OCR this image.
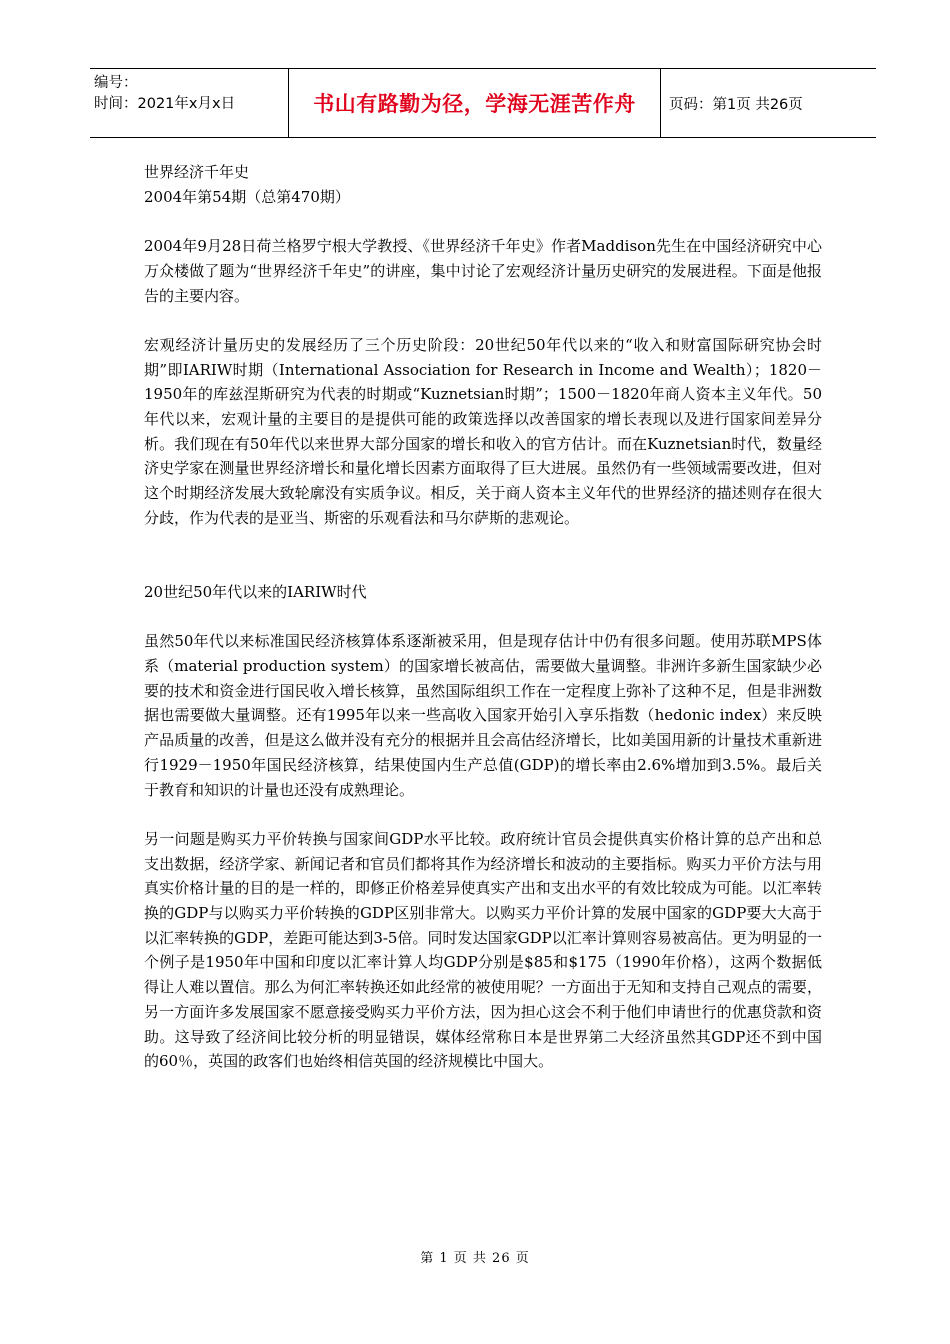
编号：
时间：2021年x月x日	书山有路勤为径，学海无涯苦作舟 页码：第1页 共26页

世界经济千年史

2004年第54期（总第470期）

2004年9月28日荷兰格罗宁根大学教授、《世界经济千年史》作者Maddison先生在中国经济研究中心万众楼做了题为“世界经济千年史”的讲座，集中讨论了宏观经济计量历史研究的发展进程。下面是他报告的主要内容。

宏观经济计量历史的发展经历了三个历史阶段：20世纪50年代以来的“收入和财富国际研究协会时期”即IARIW时期（International Association for Research in Income and Wealth）；1820－1950年的库兹涅斯研究为代表的时期或“Kuznetsian时期”；1500－1820年商人资本主义年代。50年代以来，宏观计量的主要目的是提供可能的政策选择以改善国家的增长表现以及进行国家间差异分析。我们现在有50年代以来世界大部分国家的增长和收入的官方估计。而在Kuznetsian时代，数量经济史学家在测量世界经济增长和量化增长因素方面取得了巨大进展。虽然仍有一些领域需要改进，但对这个时期经济发展大致轮廓没有实质争议。相反，关于商人资本主义年代的世界经济的描述则存在很大分歧，作为代表的是亚当、斯密的乐观看法和马尔萨斯的悲观论。

20世纪50年代以来的IARIW时代

虽然50年代以来标准国民经济核算体系逐渐被采用，但是现存估计中仍有很多问题。使用苏联MPS体系（material production system）的国家增长被高估，需要做大量调整。非洲许多新生国家缺少必要的技术和资金进行国民收入增长核算，虽然国际组织工作在一定程度上弥补了这种不足，但是非洲数据也需要做大量调整。还有1995年以来一些高收入国家开始引入享乐指数（hedonic index）来反映产品质量的改善，但是这么做并没有充分的根据并且会高估经济增长，比如美国用新的计量技术重新进行1929－1950年国民经济核算，结果使国内生产总值(GDP)的增长率由2.6%增加到3.5%。最后关于教育和知识的计量也还没有成熟理论。

另一问题是购买力平价转换与国家间GDP水平比较。政府统计官员会提供真实价格计算的总产出和总支出数据，经济学家、新闻记者和官员们都将其作为经济增长和波动的主要指标。购买力平价方法与用真实价格计量的目的是一样的，即修正价格差异使真实产出和支出水平的有效比较成为可能。以汇率转换的GDP与以购买力平价转换的GDP区别非常大。以购买力平价计算的发展中国家的GDP要大大高于以汇率转换的GDP，差距可能达到3-5倍。同时发达国家GDP以汇率计算则容易被高估。更为明显的一个例子是1950年中国和印度以汇率计算人均GDP分别是$85和$175（1990年价格），这两个数据低得让人难以置信。那么为何汇率转换还如此经常的被使用呢？一方面出于无知和支持自己观点的需要，另一方面许多发展国家不愿意接受购买力平价方法，因为担心这会不利于他们申请世行的优惠贷款和资助。这导致了经济间比较分析的明显错误，媒体经常称日本是世界第二大经济虽然其GDP还不到中国的60％，英国的政客们也始终相信英国的经济规模比中国大。

第 1 页 共 26 页
